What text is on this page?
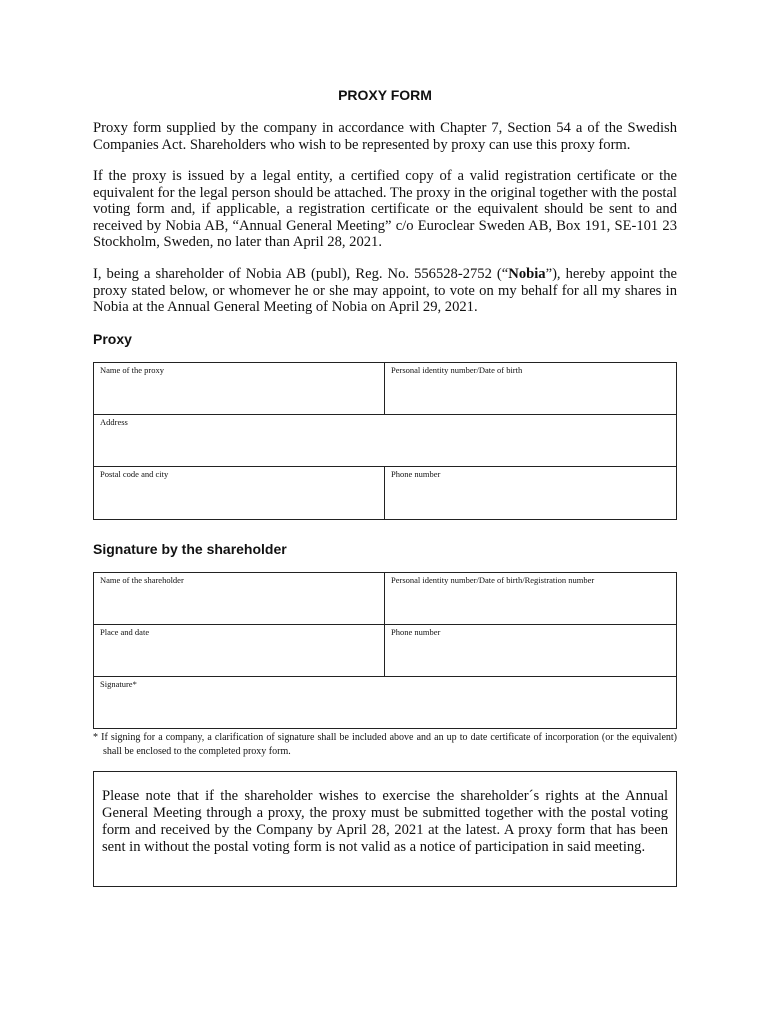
PROXY FORM

Proxy form supplied by the company in accordance with Chapter 7, Section 54 a of the Swedish Companies Act. Shareholders who wish to be represented by proxy can use this proxy form.

If the proxy is issued by a legal entity, a certified copy of a valid registration certificate or the equivalent for the legal person should be attached. The proxy in the original together with the postal voting form and, if applicable, a registration certificate or the equivalent should be sent to and received by Nobia AB, “Annual General Meeting” c/o Euroclear Sweden AB, Box 191, SE-101 23 Stockholm, Sweden, no later than April 28, 2021.

I, being a shareholder of Nobia AB (publ), Reg. No. 556528-2752 (“Nobia”), hereby appoint the proxy stated below, or whomever he or she may appoint, to vote on my behalf for all my shares in Nobia at the Annual General Meeting of Nobia on April 29, 2021.

Proxy
Name of the proxy	Personal identity number/Date of birth
Address
Postal code and city	Phone number
Signature by the shareholder
Name of the shareholder	Personal identity number/Date of birth/Registration number
Place and date	Phone number
Signature*

* If signing for a company, a clarification of signature shall be included above and an up to date certificate of incorporation (or the equivalent) shall be enclosed to the completed proxy form.

Please note that if the shareholder wishes to exercise the shareholder´s rights at the Annual General Meeting through a proxy, the proxy must be submitted together with the postal voting form and received by the Company by April 28, 2021 at the latest. A proxy form that has been sent in without the postal voting form is not valid as a notice of participation in said meeting.
